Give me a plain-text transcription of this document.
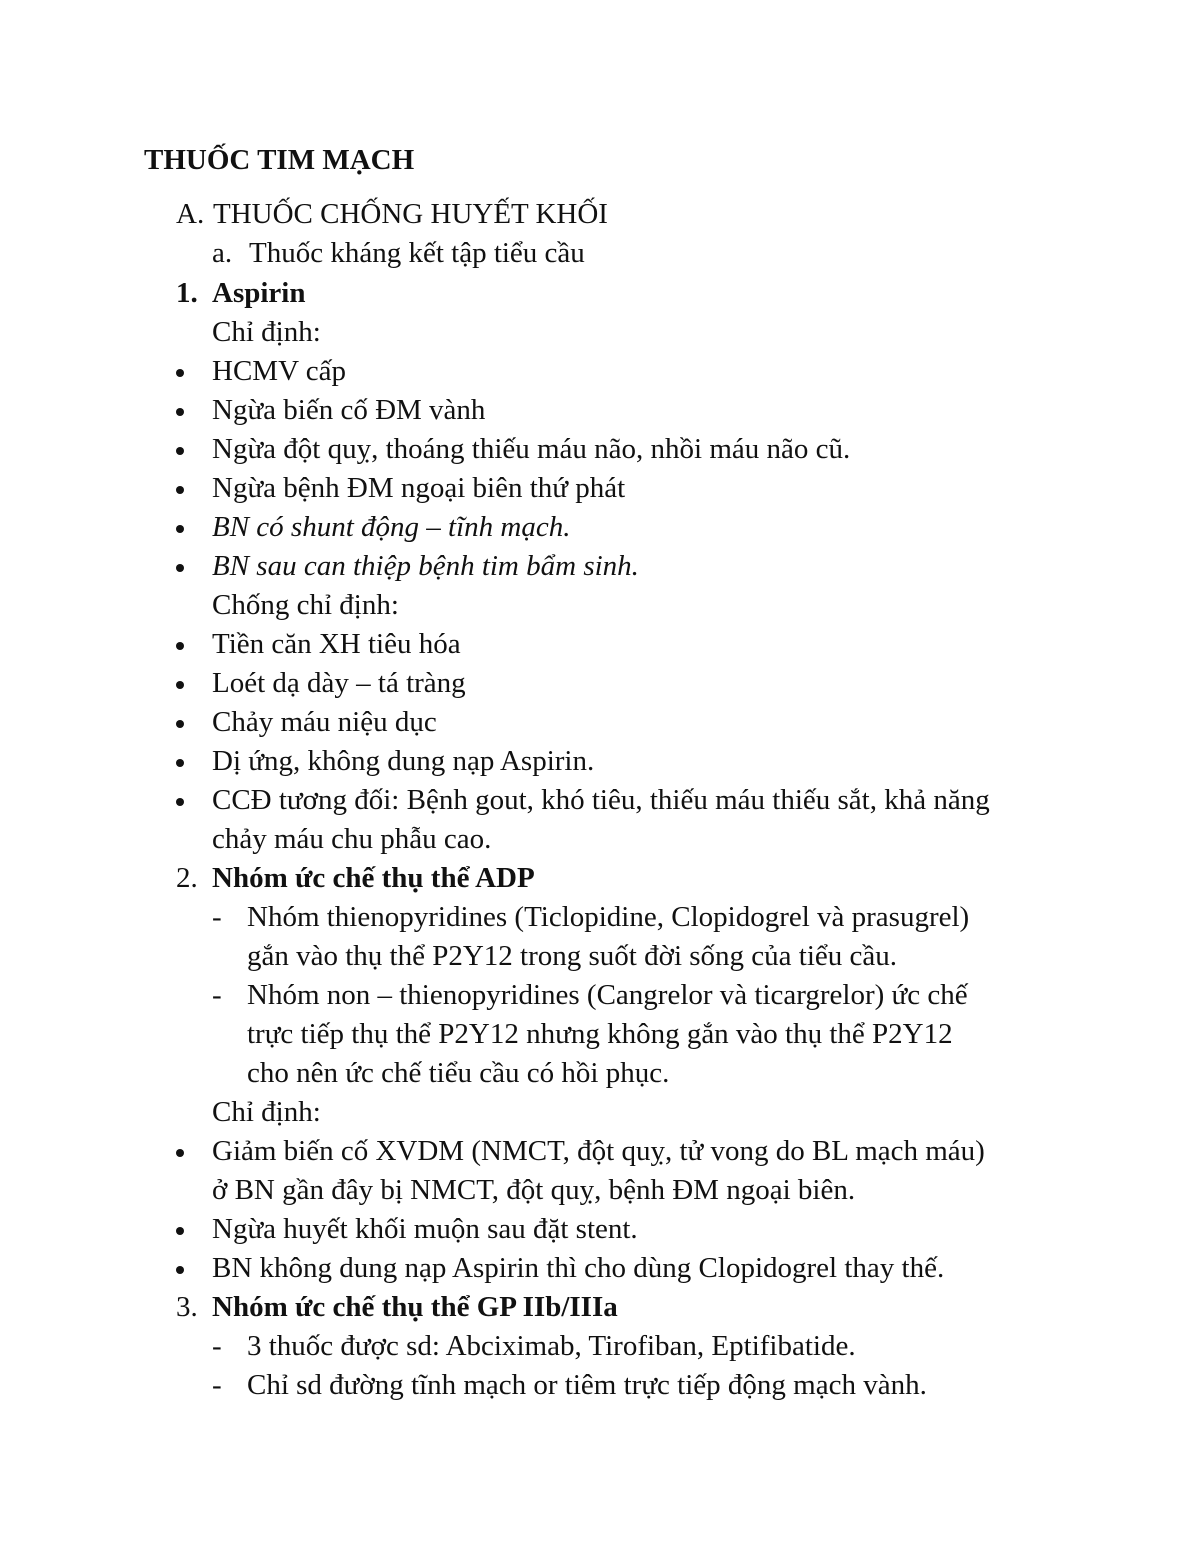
THUỐC TIM MẠCH
A. THUỐC CHỐNG HUYẾT KHỐI
a. Thuốc kháng kết tập tiểu cầu
1. Aspirin
Chỉ định:
HCMV cấp
Ngừa biến cố ĐM vành
Ngừa đột quỵ, thoáng thiếu máu não, nhồi máu não cũ.
Ngừa bệnh ĐM ngoại biên thứ phát
BN có shunt động – tĩnh mạch.
BN sau can thiệp bệnh tim bẩm sinh.
Chống chỉ định:
Tiền căn XH tiêu hóa
Loét dạ dày – tá tràng
Chảy máu niệu dục
Dị ứng, không dung nạp Aspirin.
CCĐ tương đối: Bệnh gout, khó tiêu, thiếu máu thiếu sắt, khả năng
chảy máu chu phẫu cao.
2. Nhóm ức chế thụ thể ADP
- Nhóm thienopyridines (Ticlopidine, Clopidogrel và prasugrel)
gắn vào thụ thể P2Y12 trong suốt đời sống của tiểu cầu.
- Nhóm non – thienopyridines (Cangrelor và ticargrelor) ức chế
trực tiếp thụ thể P2Y12 nhưng không gắn vào thụ thể P2Y12
cho nên ức chế tiểu cầu có hồi phục.
Chỉ định:
Giảm biến cố XVDM (NMCT, đột quỵ, tử vong do BL mạch máu)
ở BN gần đây bị NMCT, đột quỵ, bệnh ĐM ngoại biên.
Ngừa huyết khối muộn sau đặt stent.
BN không dung nạp Aspirin thì cho dùng Clopidogrel thay thế.
3. Nhóm ức chế thụ thể GP IIb/IIIa
- 3 thuốc được sd: Abciximab, Tirofiban, Eptifibatide.
- Chỉ sd đường tĩnh mạch or tiêm trực tiếp động mạch vành.
